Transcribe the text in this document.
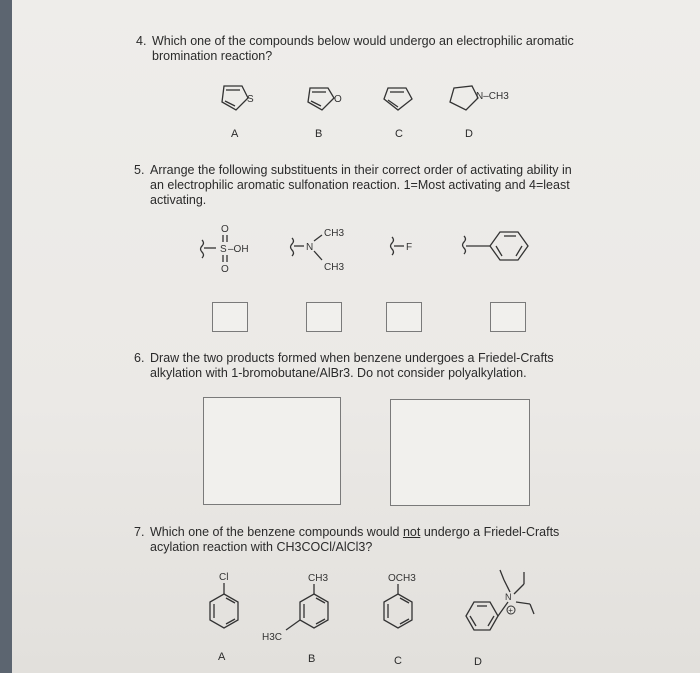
4. Which one of the compounds below would undergo an electrophilic aromatic
bromination reaction?
S	O	N–CH3
A	B	C	D
5. Arrange the following substituents in their correct order of activating ability in
an electrophilic aromatic sulfonation reaction. 1=Most activating and 4=least
activating.
O
S –OH
O
N
CH3
CH3
F
6. Draw the two products formed when benzene undergoes a Friedel-Crafts
alkylation with 1-bromobutane/AlBr3. Do not consider polyalkylation.
7. Which one of the benzene compounds would not undergo a Friedel-Crafts
acylation reaction with CH3COCl/AlCl3?
Cl	CH3
H3C
OCH3
N
+
A	B	C	D
